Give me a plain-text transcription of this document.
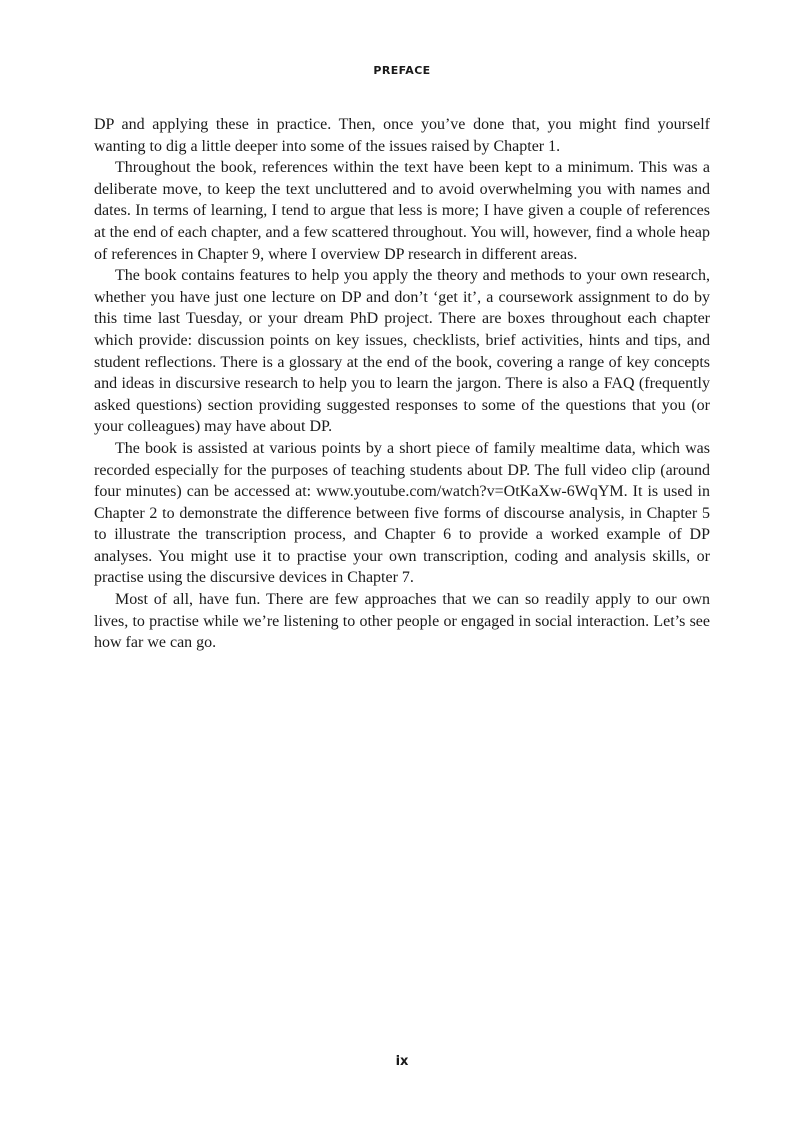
PREFACE

DP and applying these in practice. Then, once you’ve done that, you might find yourself wanting to dig a little deeper into some of the issues raised by Chapter 1.

Throughout the book, references within the text have been kept to a minimum. This was a deliberate move, to keep the text uncluttered and to avoid overwhelming you with names and dates. In terms of learning, I tend to argue that less is more; I have given a couple of references at the end of each chapter, and a few scattered throughout. You will, however, find a whole heap of references in Chapter 9, where I overview DP research in different areas.

The book contains features to help you apply the theory and methods to your own research, whether you have just one lecture on DP and don’t ‘get it’, a coursework assignment to do by this time last Tuesday, or your dream PhD project. There are boxes throughout each chapter which provide: discussion points on key issues, checklists, brief activities, hints and tips, and student reflections. There is a glossary at the end of the book, covering a range of key concepts and ideas in discursive research to help you to learn the jargon. There is also a FAQ (frequently asked questions) section providing suggested responses to some of the questions that you (or your colleagues) may have about DP.

The book is assisted at various points by a short piece of family mealtime data, which was recorded especially for the purposes of teaching students about DP. The full video clip (around four minutes) can be accessed at: www.youtube.com/watch?v=OtKaXw-6WqYM. It is used in Chapter 2 to demonstrate the difference between five forms of discourse analysis, in Chapter 5 to illustrate the transcription process, and Chapter 6 to provide a worked example of DP analyses. You might use it to practise your own transcription, coding and analysis skills, or practise using the discursive devices in Chapter 7.

Most of all, have fun. There are few approaches that we can so readily apply to our own lives, to practise while we’re listening to other people or engaged in social interaction. Let’s see how far we can go.

ix
